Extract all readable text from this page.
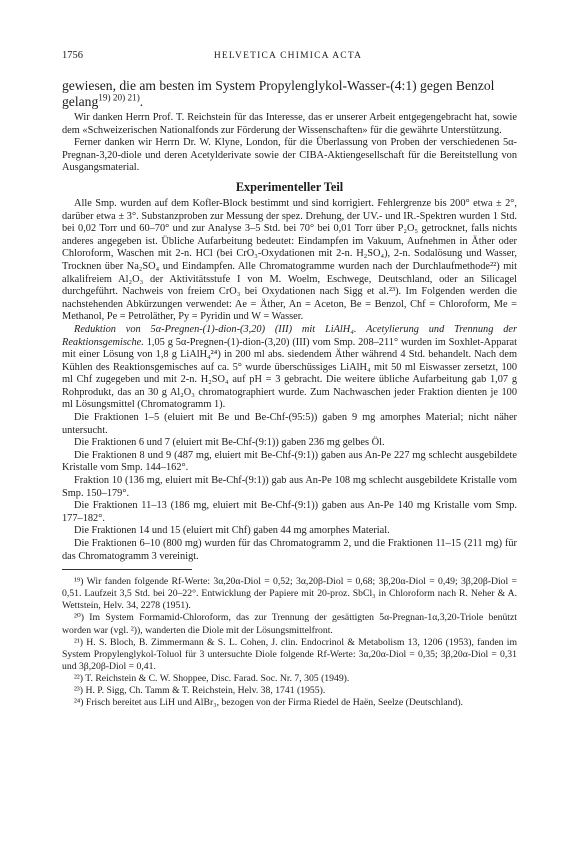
1756	HELVETICA CHIMICA ACTA
gewiesen, die am besten im System Propylenglykol-Wasser-(4:1) gegen Benzol
gelang$^{19) 20) 21)}$.

Wir danken Herrn Prof. T. Reichstein für das Interesse, das er unserer Arbeit entgegengebracht hat, sowie dem «Schweizerischen Nationalfonds zur Förderung der Wissenschaften» für die gewährte Unterstützung.

Ferner danken wir Herrn Dr. W. Klyne, London, für die Überlassung von Proben der verschiedenen 5α-Pregnan-3,20-diole und deren Acetylderivate sowie der CIBA-Aktiengesellschaft für die Bereitstellung von Ausgangsmaterial.

Experimenteller Teil

Alle Smp. wurden auf dem Kofler-Block bestimmt und sind korrigiert. Fehlergrenze bis 200° etwa ± 2°, darüber etwa ± 3°. Substanzproben zur Messung der spez. Drehung, der UV.- und IR.-Spektren wurden 1 Std. bei 0,02 Torr und 60–70° und zur Analyse 3–5 Std. bei 70° bei 0,01 Torr über P₂O₅ getrocknet, falls nichts anderes angegeben ist. Übliche Aufarbeitung bedeutet: Eindampfen im Vakuum, Aufnehmen in Äther oder Chloroform, Waschen mit 2-n. HCl (bei CrO₃-Oxydationen mit 2-n. H₂SO₄), 2-n. Sodalösung und Wasser, Trocknen über Na₂SO₄ und Eindampfen. Alle Chromatogramme wurden nach der Durchlaufmethode²²) mit alkalifreiem Al₂O₃ der Aktivitätsstufe I von M. Woelm, Eschwege, Deutschland, oder an Silicagel durchgeführt. Nachweis von freiem CrO₃ bei Oxydationen nach Sigg et al.²³). Im Folgenden werden die nachstehenden Abkürzungen verwendet: Ae = Äther, An = Aceton, Be = Benzol, Chf = Chloroform, Me = Methanol, Pe = Petroläther, Py = Pyridin und W = Wasser.

Reduktion von 5α-Pregnen-(1)-dion-(3,20) (III) mit LiAlH₄. Acetylierung und Trennung der Reaktionsgemische. 1,05 g 5α-Pregnen-(1)-dion-(3,20) (III) vom Smp. 208–211° wurden im Soxhlet-Apparat mit einer Lösung von 1,8 g LiAlH₄²⁴) in 200 ml abs. siedendem Äther während 4 Std. behandelt. Nach dem Kühlen des Reaktionsgemisches auf ca. 5° wurde überschüssiges LiAlH₄ mit 50 ml Eiswasser zersetzt, 100 ml Chf zugegeben und mit 2-n. H₂SO₄ auf pH = 3 gebracht. Die weitere übliche Aufarbeitung gab 1,07 g Rohprodukt, das an 30 g Al₂O₃ chromatographiert wurde. Zum Nachwaschen jeder Fraktion dienten je 100 ml Lösungsmittel (Chromatogramm 1).

Die Fraktionen 1–5 (eluiert mit Be und Be-Chf-(95:5)) gaben 9 mg amorphes Material; nicht näher untersucht.

Die Fraktionen 6 und 7 (eluiert mit Be-Chf-(9:1)) gaben 236 mg gelbes Öl.

Die Fraktionen 8 und 9 (487 mg, eluiert mit Be-Chf-(9:1)) gaben aus An-Pe 227 mg schlecht ausgebildete Kristalle vom Smp. 144–162°.

Fraktion 10 (136 mg, eluiert mit Be-Chf-(9:1)) gab aus An-Pe 108 mg schlecht ausgebildete Kristalle vom Smp. 150–179°.

Die Fraktionen 11–13 (186 mg, eluiert mit Be-Chf-(9:1)) gaben aus An-Pe 140 mg Kristalle vom Smp. 177–182°.

Die Fraktionen 14 und 15 (eluiert mit Chf) gaben 44 mg amorphes Material.

Die Fraktionen 6–10 (800 mg) wurden für das Chromatogramm 2, und die Fraktionen 11–15 (211 mg) für das Chromatogramm 3 vereinigt.

¹⁹) Wir fanden folgende Rf-Werte: 3α,20α-Diol = 0,52; 3α,20β-Diol = 0,68; 3β,20α-Diol = 0,49; 3β,20β-Diol = 0,51. Laufzeit 3,5 Std. bei 20–22°. Entwicklung der Papiere mit 20-proz. SbCl₃ in Chloroform nach R. Neher & A. Wettstein, Helv. 34, 2278 (1951).

²⁰) Im System Formamid-Chloroform, das zur Trennung der gesättigten 5α-Pregnan-1α,3,20-Triole benützt worden war (vgl. ²)), wanderten die Diole mit der Lösungsmittelfront.

²¹) H. S. Bloch, B. Zimmermann & S. L. Cohen, J. clin. Endocrinol & Metabolism 13, 1206 (1953), fanden im System Propylenglykol-Toluol für 3 untersuchte Diole folgende Rf-Werte: 3α,20α-Diol = 0,35; 3β,20α-Diol = 0,31 und 3β,20β-Diol = 0,41.

²²) T. Reichstein & C. W. Shoppee, Disc. Farad. Soc. Nr. 7, 305 (1949).

²³) H. P. Sigg, Ch. Tamm & T. Reichstein, Helv. 38, 1741 (1955).

²⁴) Frisch bereitet aus LiH und AlBr₃, bezogen von der Firma Riedel de Haën, Seelze (Deutschland).
